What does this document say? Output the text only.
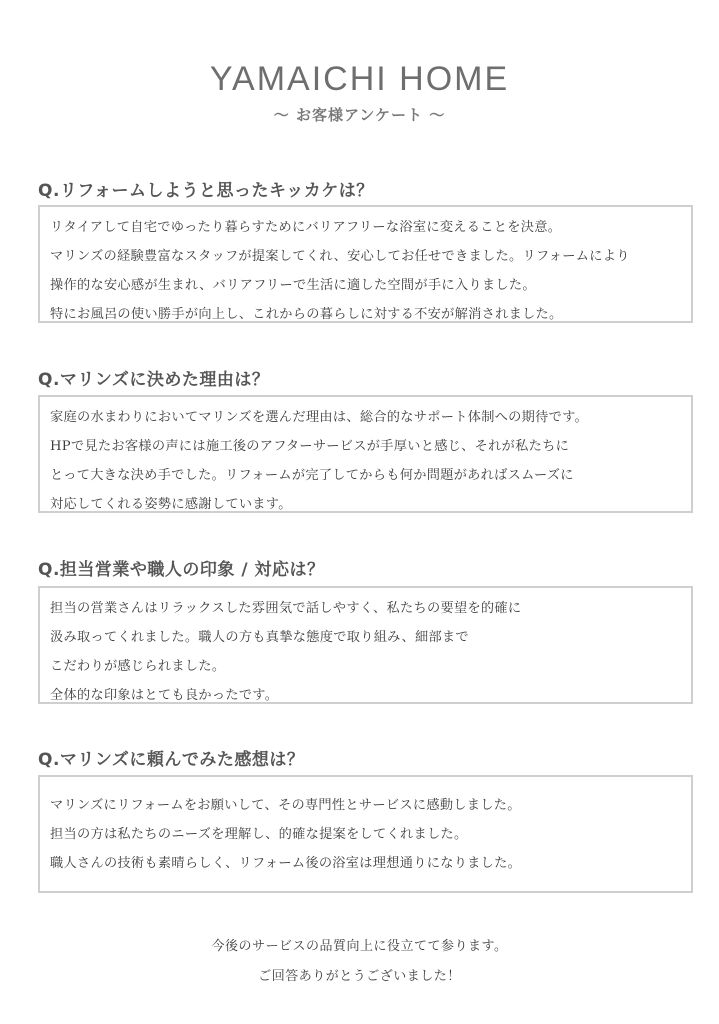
YAMAICHI HOME
～ お客様アンケート ～
Q.リフォームしようと思ったキッカケは？
リタイアして自宅でゆったり暮らすためにバリアフリーな浴室に変えることを決意。
マリンズの経験豊富なスタッフが提案してくれ、安心してお任せできました。リフォームにより
操作的な安心感が生まれ、バリアフリーで生活に適した空間が手に入りました。
特にお風呂の使い勝手が向上し、これからの暮らしに対する不安が解消されました。
Q.マリンズに決めた理由は？
家庭の水まわりにおいてマリンズを選んだ理由は、総合的なサポート体制への期待です。
HPで見たお客様の声には施工後のアフターサービスが手厚いと感じ、それが私たちに
とって大きな決め手でした。リフォームが完了してからも何か問題があればスムーズに
対応してくれる姿勢に感謝しています。
Q.担当営業や職人の印象 / 対応は？
担当の営業さんはリラックスした雰囲気で話しやすく、私たちの要望を的確に
汲み取ってくれました。職人の方も真摯な態度で取り組み、細部まで
こだわりが感じられました。
全体的な印象はとても良かったです。
Q.マリンズに頼んでみた感想は？
マリンズにリフォームをお願いして、その専門性とサービスに感動しました。
担当の方は私たちのニーズを理解し、的確な提案をしてくれました。
職人さんの技術も素晴らしく、リフォーム後の浴室は理想通りになりました。
今後のサービスの品質向上に役立てて参ります。
ご回答ありがとうございました！
